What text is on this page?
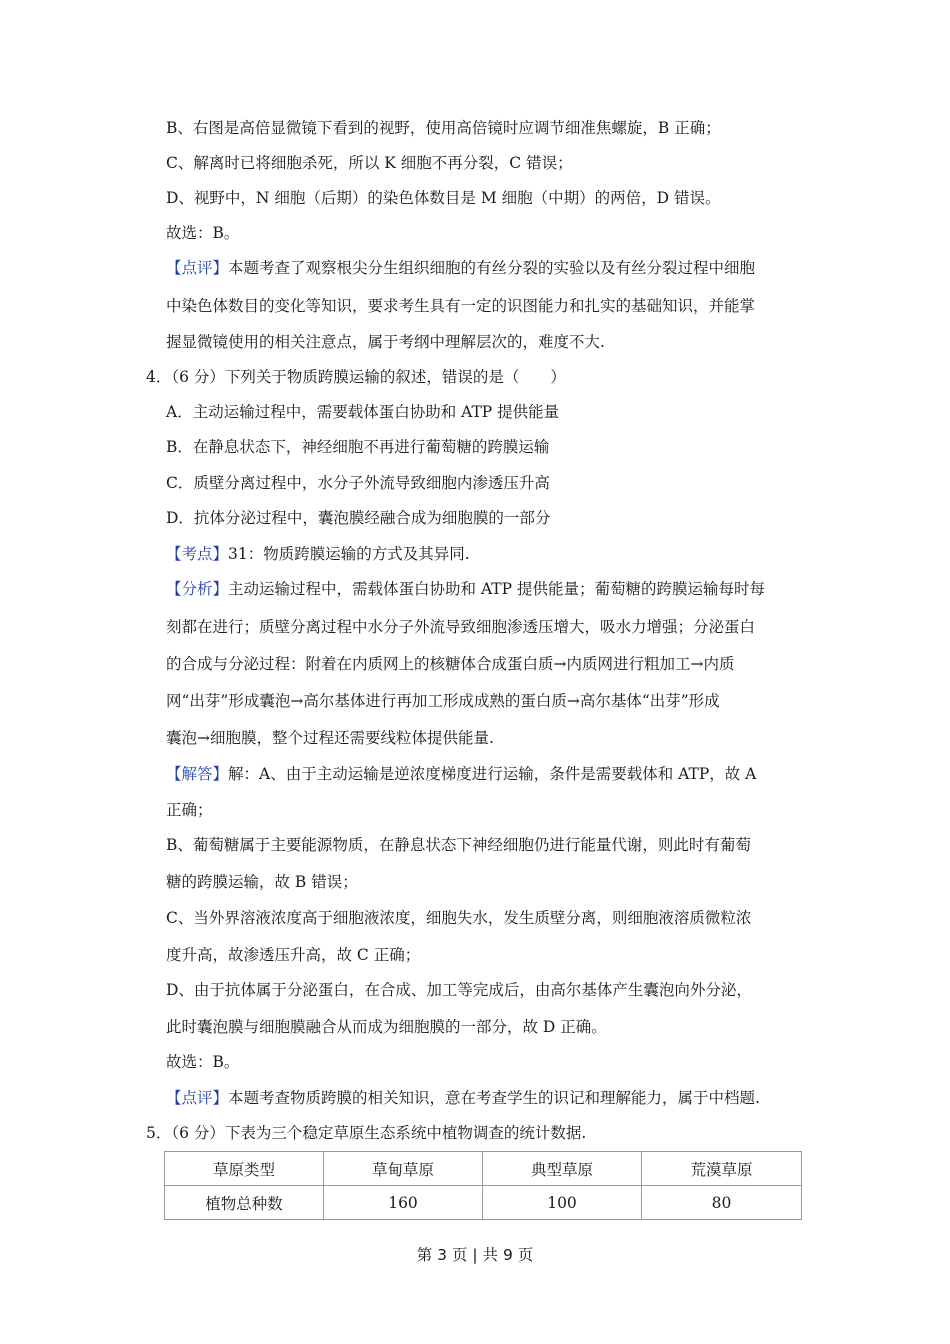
B、右图是高倍显微镜下看到的视野，使用高倍镜时应调节细准焦螺旋，B 正确；
C、解离时已将细胞杀死，所以 K 细胞不再分裂，C 错误；
D、视野中，N 细胞（后期）的染色体数目是 M 细胞（中期）的两倍，D 错误。
故选：B。
【点评】本题考查了观察根尖分生组织细胞的有丝分裂的实验以及有丝分裂过程中细胞
中染色体数目的变化等知识，要求考生具有一定的识图能力和扎实的基础知识，并能掌
握显微镜使用的相关注意点，属于考纲中理解层次的，难度不大.
4．（6 分）下列关于物质跨膜运输的叙述，错误的是（　　）
A．主动运输过程中，需要载体蛋白协助和 ATP 提供能量
B．在静息状态下，神经细胞不再进行葡萄糖的跨膜运输
C．质壁分离过程中，水分子外流导致细胞内渗透压升高
D．抗体分泌过程中，囊泡膜经融合成为细胞膜的一部分
【考点】31：物质跨膜运输的方式及其异同.
【分析】主动运输过程中，需载体蛋白协助和 ATP 提供能量；葡萄糖的跨膜运输每时每
刻都在进行；质壁分离过程中水分子外流导致细胞渗透压增大，吸水力增强；分泌蛋白
的合成与分泌过程：附着在内质网上的核糖体合成蛋白质→内质网进行粗加工→内质
网“出芽”形成囊泡→高尔基体进行再加工形成成熟的蛋白质→高尔基体“出芽”形成
囊泡→细胞膜，整个过程还需要线粒体提供能量.
【解答】解：A、由于主动运输是逆浓度梯度进行运输，条件是需要载体和 ATP，故 A
正确；
B、葡萄糖属于主要能源物质，在静息状态下神经细胞仍进行能量代谢，则此时有葡萄
糖的跨膜运输，故 B 错误；
C、当外界溶液浓度高于细胞液浓度，细胞失水，发生质壁分离，则细胞液溶质微粒浓
度升高，故渗透压升高，故 C 正确；
D、由于抗体属于分泌蛋白，在合成、加工等完成后，由高尔基体产生囊泡向外分泌，
此时囊泡膜与细胞膜融合从而成为细胞膜的一部分，故 D 正确。
故选：B。
【点评】本题考查物质跨膜的相关知识，意在考查学生的识记和理解能力，属于中档题.
5．（6 分）下表为三个稳定草原生态系统中植物调查的统计数据.
草原类型	草甸草原	典型草原	荒漠草原
植物总种数	160	100	80
第 3 页 | 共 9 页
